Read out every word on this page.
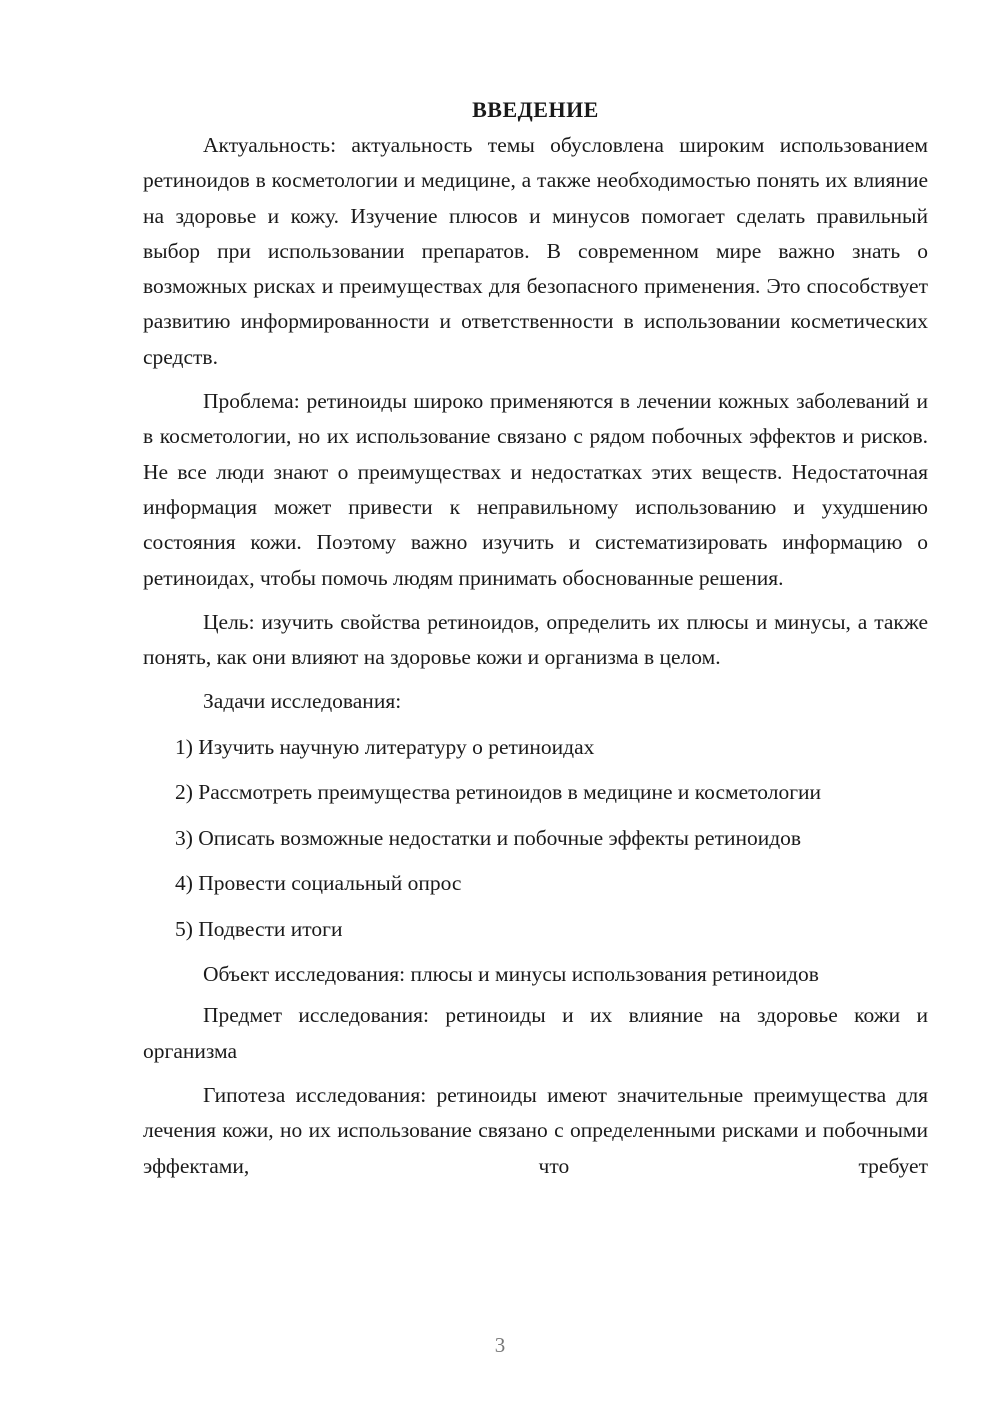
ВВЕДЕНИЕ

Актуальность: актуальность темы обусловлена широким использованием ретиноидов в косметологии и медицине, а также необходимостью понять их влияние на здоровье и кожу. Изучение плюсов и минусов помогает сделать правильный выбор при использовании препаратов. В современном мире важно знать о возможных рисках и преимуществах для безопасного применения. Это способствует развитию информированности и ответственности в использовании косметических средств.

Проблема: ретиноиды широко применяются в лечении кожных заболеваний и в косметологии, но их использование связано с рядом побочных эффектов и рисков. Не все люди знают о преимуществах и недостатках этих веществ. Недостаточная информация может привести к неправильному использованию и ухудшению состояния кожи. Поэтому важно изучить и систематизировать информацию о ретиноидах, чтобы помочь людям принимать обоснованные решения.

Цель: изучить свойства ретиноидов, определить их плюсы и минусы, а также понять, как они влияют на здоровье кожи и организма в целом.

Задачи исследования:
1) Изучить научную литературу о ретиноидах
2) Рассмотреть преимущества ретиноидов в медицине и косметологии
3) Описать возможные недостатки и побочные эффекты ретиноидов
4) Провести социальный опрос
5) Подвести итоги

Объект исследования: плюсы и минусы использования ретиноидов

Предмет исследования: ретиноиды и их влияние на здоровье кожи и организма

Гипотеза исследования: ретиноиды имеют значительные преимущества для лечения кожи, но их использование связано с определенными рисками и побочными эффектами, что требует

3
